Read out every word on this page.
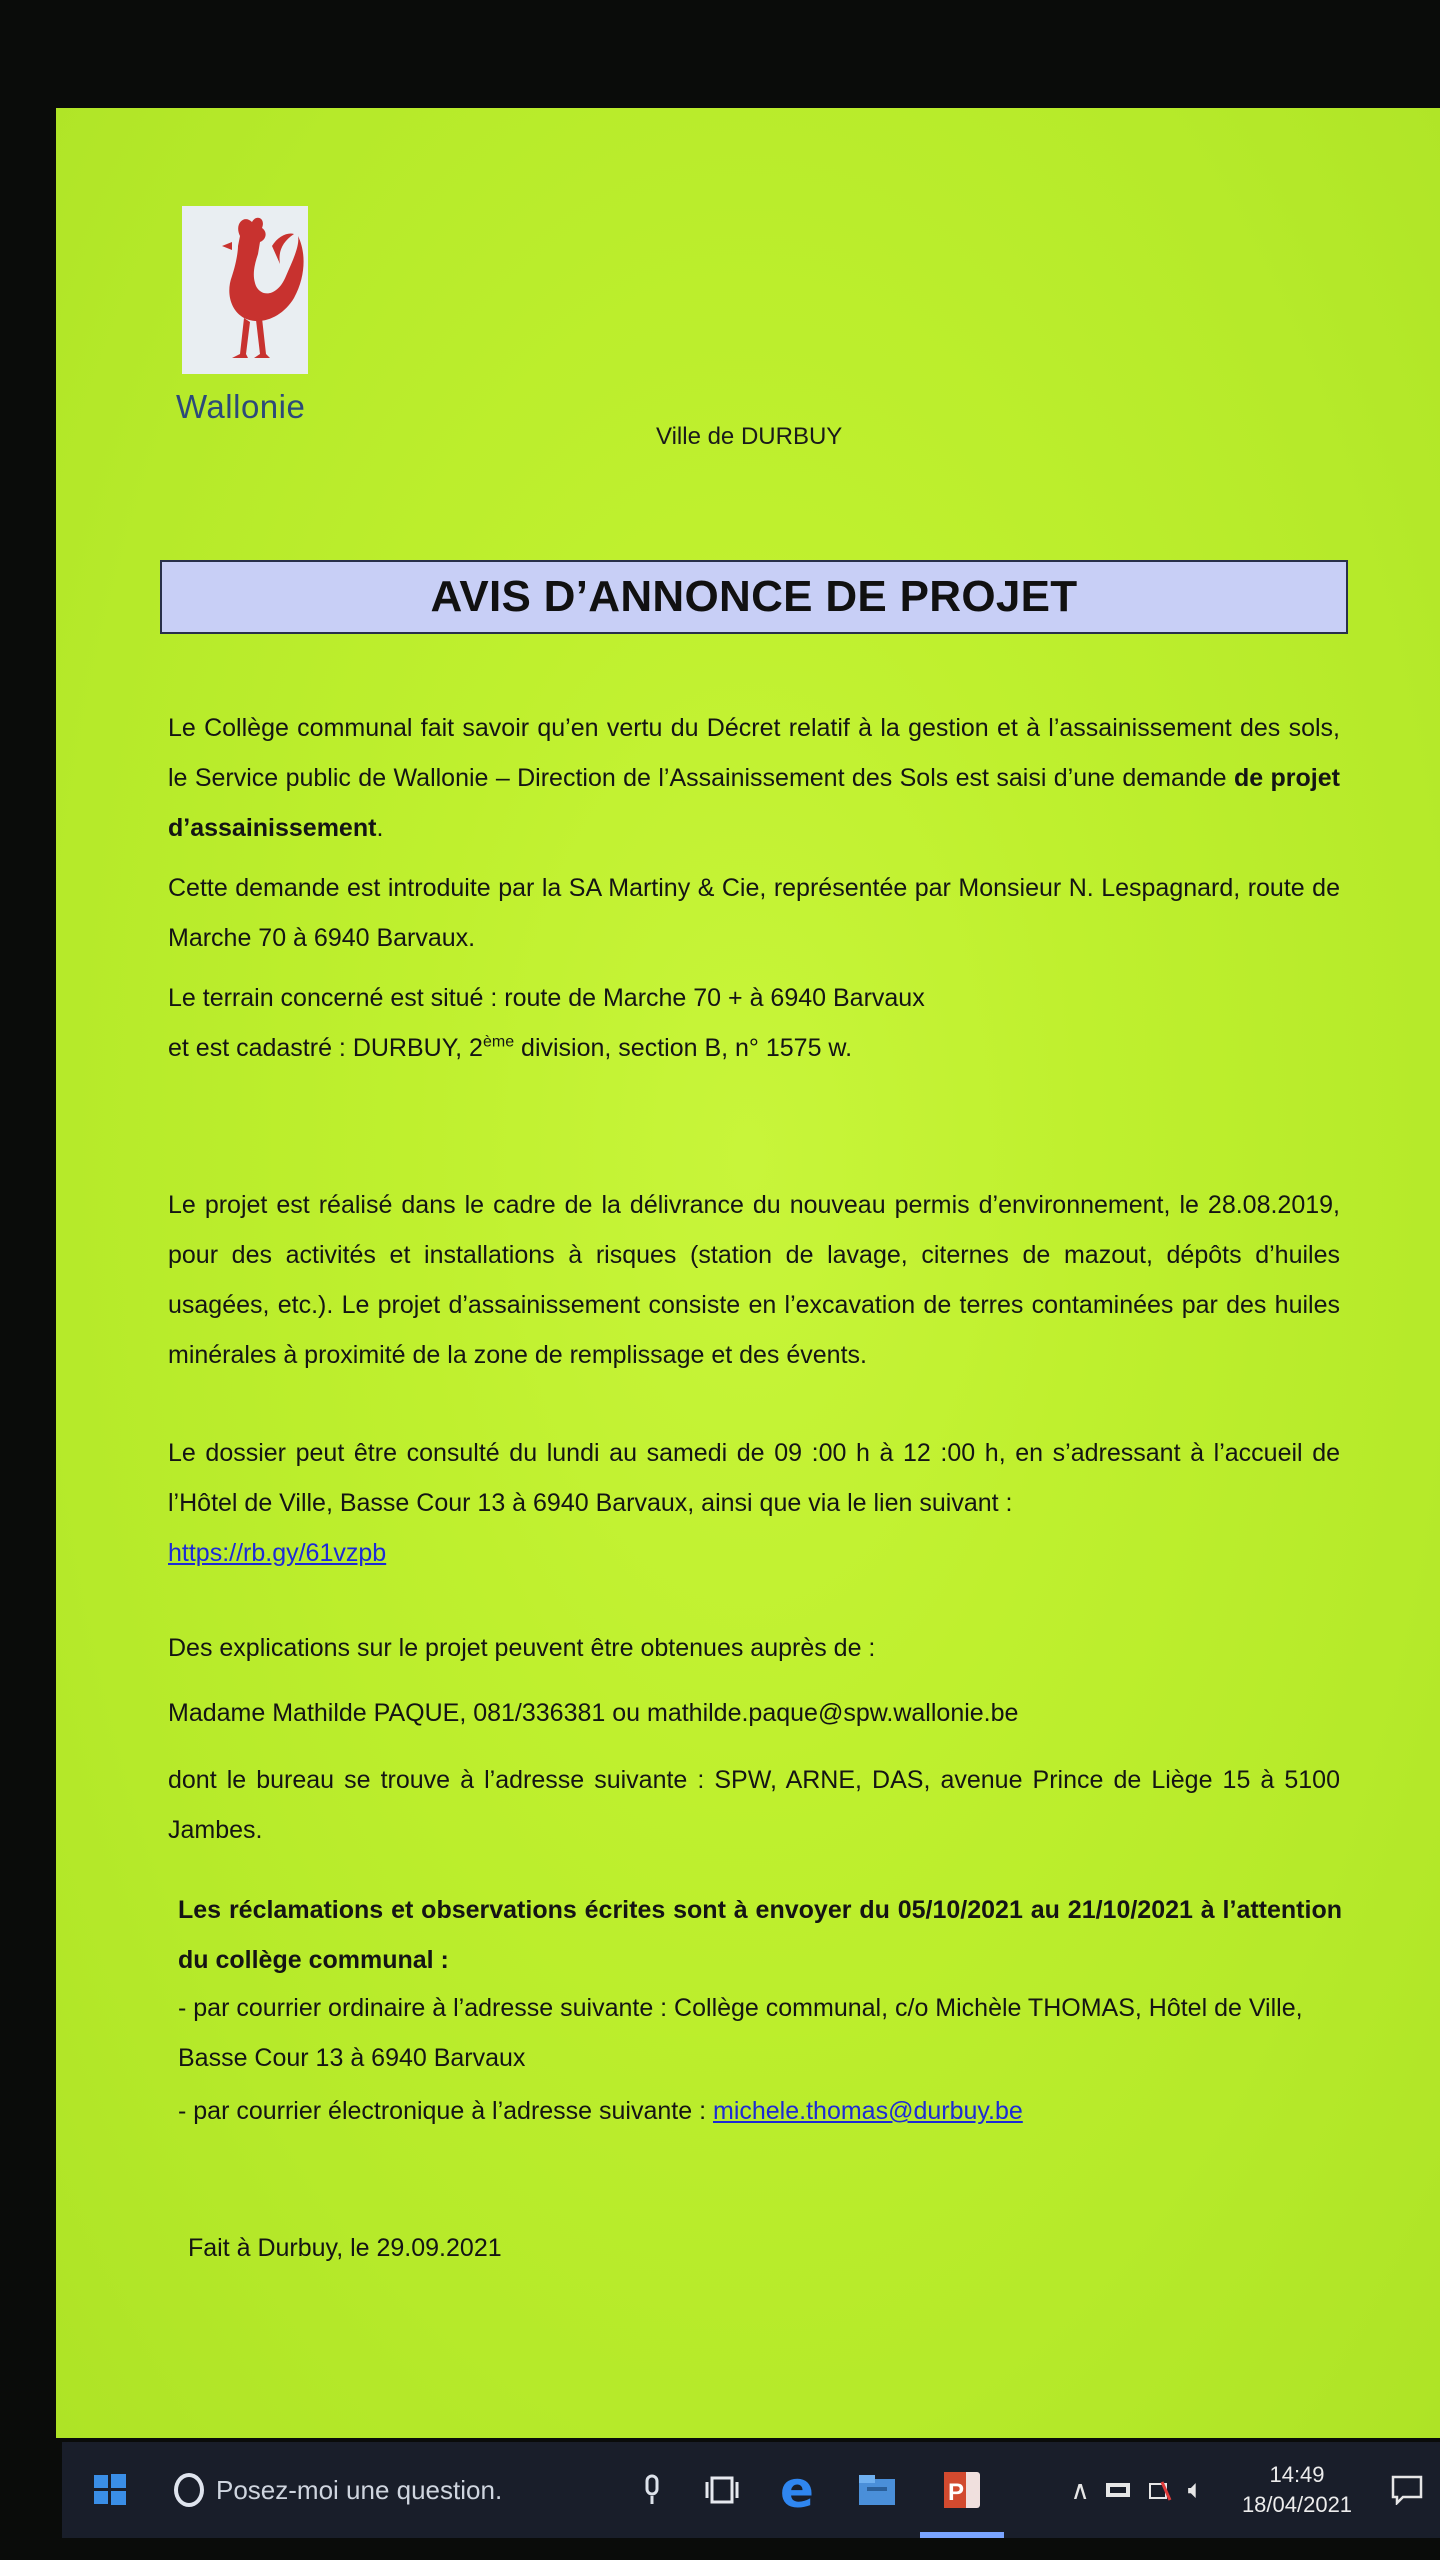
Wallonie
Ville de DURBUY
AVIS D’ANNONCE DE PROJET

Le Collège communal fait savoir qu’en vertu du Décret relatif à la gestion et à l’assainissement des sols, le Service public de Wallonie – Direction de l’Assainissement des Sols est saisi d’une demande de projet d’assainissement.

Cette demande est introduite par la SA Martiny & Cie, représentée par Monsieur N. Lespagnard, route de Marche 70 à 6940 Barvaux.

Le terrain concerné est situé : route de Marche 70 + à 6940 Barvaux

et est cadastré : DURBUY, 2ème division, section B, n° 1575 w.

Le projet est réalisé dans le cadre de la délivrance du nouveau permis d’environnement, le 28.08.2019, pour des activités et installations à risques (station de lavage, citernes de mazout, dépôts d’huiles usagées, etc.). Le projet d’assainissement consiste en l’excavation de terres contaminées par des huiles minérales à proximité de la zone de remplissage et des évents.

Le dossier peut être consulté du lundi au samedi de 09 :00 h à 12 :00 h, en s’adressant à l’accueil de l’Hôtel de Ville, Basse Cour 13 à 6940 Barvaux, ainsi que via le lien suivant :

https://rb.gy/61vzpb

Des explications sur le projet peuvent être obtenues auprès de :

Madame Mathilde PAQUE, 081/336381 ou mathilde.paque@spw.wallonie.be

dont le bureau se trouve à l’adresse suivante : SPW, ARNE, DAS, avenue Prince de Liège 15 à 5100 Jambes.

Les réclamations et observations écrites sont à envoyer du 05/10/2021 au 21/10/2021 à l’attention du collège communal :

- par courrier ordinaire à l’adresse suivante : Collège communal, c/o Michèle THOMAS, Hôtel de Ville, Basse Cour 13 à 6940 Barvaux

- par courrier électronique à l’adresse suivante : michele.thomas@durbuy.be

Fait à Durbuy, le 29.09.2021

Posez-moi une question.	e	P	∧	🔈︎	14:49
18/04/2021
